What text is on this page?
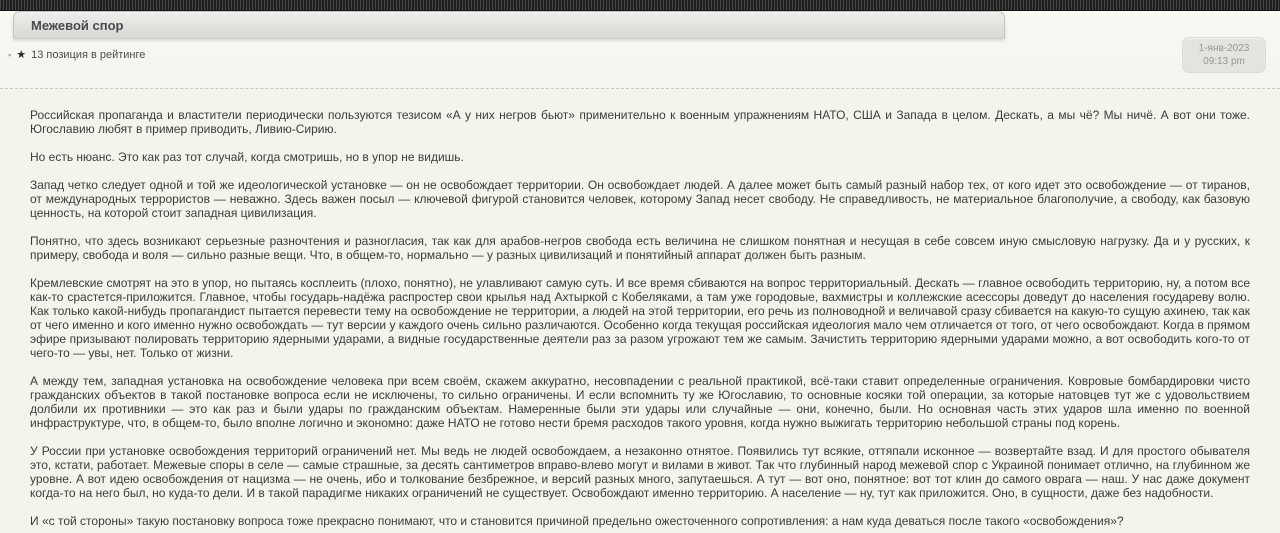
Межевой спор
▪ ★ 13 позиция в рейтинге	1-янв-2023
09:13 pm

Российская пропаганда и властители периодически пользуются тезисом «А у них негров бьют» применительно к военным упражнениям НАТО, США и Запада в целом. Дескать, а мы чё? Мы ничё. А вот они тоже. Югославию любят в пример приводить, Ливию-Сирию.

Но есть нюанс. Это как раз тот случай, когда смотришь, но в упор не видишь.

Запад четко следует одной и той же идеологической установке — он не освобождает территории. Он освобождает людей. А далее может быть самый разный набор тех, от кого идет это освобождение — от тиранов, от международных террористов — неважно. Здесь важен посыл — ключевой фигурой становится человек, которому Запад несет свободу. Не справедливость, не материальное благополучие, а свободу, как базовую ценность, на которой стоит западная цивилизация.

Понятно, что здесь возникают серьезные разночтения и разногласия, так как для арабов-негров свобода есть величина не слишком понятная и несущая в себе совсем иную смысловую нагрузку. Да и у русских, к примеру, свобода и воля — сильно разные вещи. Что, в общем-то, нормально — у разных цивилизаций и понятийный аппарат должен быть разным.

Кремлевские смотрят на это в упор, но пытаясь косплеить (плохо, понятно), не улавливают самую суть. И все время сбиваются на вопрос территориальный. Дескать — главное освободить территорию, ну, а потом все как-то срастется-приложится. Главное, чтобы государь-надёжа распростер свои крылья над Ахтыркой с Кобеляками, а там уже городовые, вахмистры и коллежские асессоры доведут до населения государеву волю. Как только какой-нибудь пропагандист пытается перевести тему на освобождение не территории, а людей на этой территории, его речь из полноводной и величавой сразу сбивается на какую-то сущую ахинею, так как от чего именно и кого именно нужно освобождать — тут версии у каждого очень сильно различаются. Особенно когда текущая российская идеология мало чем отличается от того, от чего освобождают. Когда в прямом эфире призывают полировать территорию ядерными ударами, а видные государственные деятели раз за разом угрожают тем же самым. Зачистить территорию ядерными ударами можно, а вот освободить кого-то от чего-то — увы, нет. Только от жизни.

А между тем, западная установка на освобождение человека при всем своём, скажем аккуратно, несовпадении с реальной практикой, всё-таки ставит определенные ограничения. Ковровые бомбардировки чисто гражданских объектов в такой постановке вопроса если не исключены, то сильно ограничены. И если вспомнить ту же Югославию, то основные косяки той операции, за которые натовцев тут же с удовольствием долбили их противники — это как раз и были удары по гражданским объектам. Намеренные были эти удары или случайные — они, конечно, были. Но основная часть этих ударов шла именно по военной инфраструктуре, что, в общем-то, было вполне логично и экономно: даже НАТО не готово нести бремя расходов такого уровня, когда нужно выжигать территорию небольшой страны под корень.

У России при установке освобождения территорий ограничений нет. Мы ведь не людей освобождаем, а незаконно отнятое. Появились тут всякие, оттяпали исконное — возвертайте взад. И для простого обывателя это, кстати, работает. Межевые споры в селе — самые страшные, за десять сантиметров вправо-влево могут и вилами в живот. Так что глубинный народ межевой спор с Украиной понимает отлично, на глубинном же уровне. А вот идею освобождения от нацизма — не очень, ибо и толкование безбрежное, и версий разных много, запутаешься. А тут — вот оно, понятное: вот тот клин до самого оврага — наш. У нас даже документ когда-то на него был, но куда-то дели. И в такой парадигме никаких ограничений не существует. Освобождают именно территорию. А население — ну, тут как приложится. Оно, в сущности, даже без надобности.

И «с той стороны» такую постановку вопроса тоже прекрасно понимают, что и становится причиной предельно ожесточенного сопротивления: а нам куда деваться после такого «освобождения»?
